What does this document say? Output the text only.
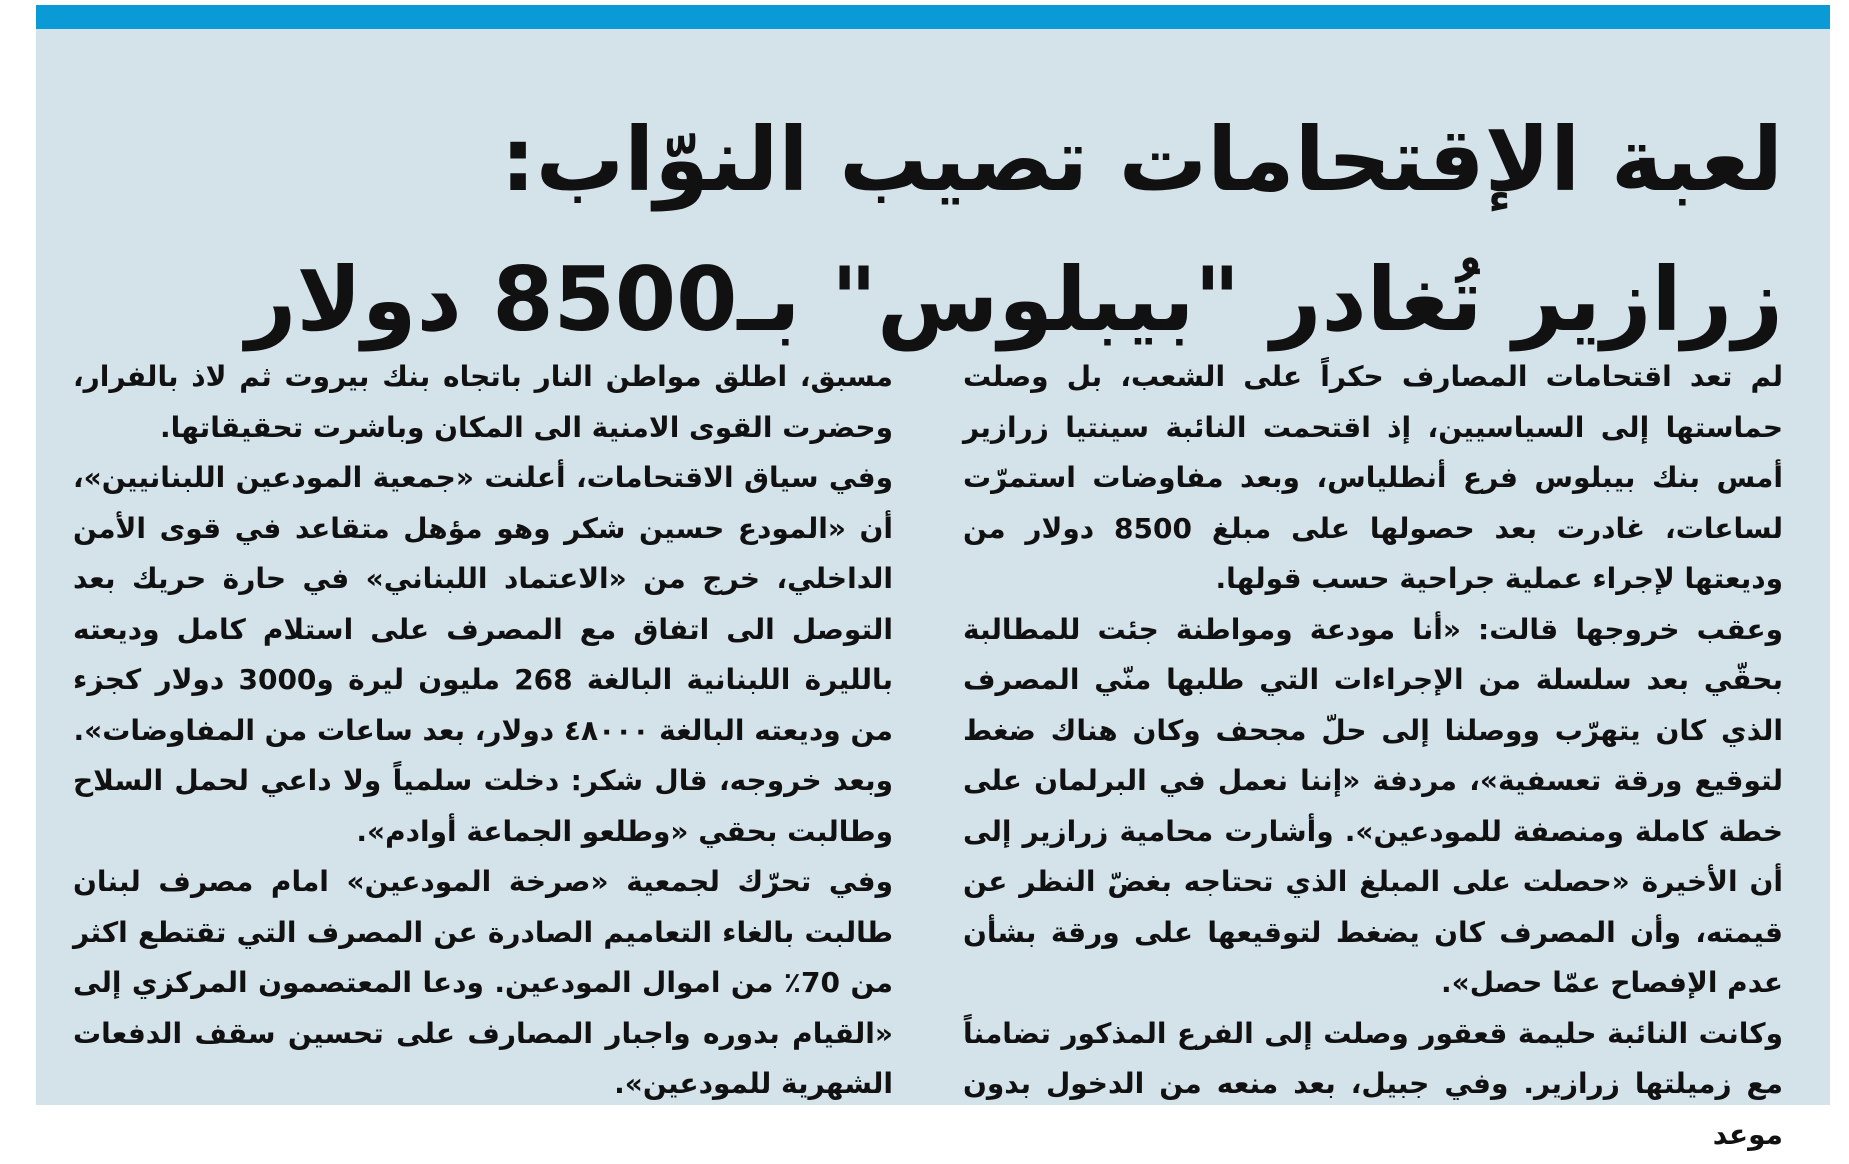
لعبة الإقتحامات تصيب النوّاب:
زرازير تُغادر "بيبلوس" بـ8500 دولار

لم تعد اقتحامات المصارف حكراً على الشعب، بل وصلت حماستها إلى السياسيين، إذ اقتحمت النائبة سينتيا زرازير أمس بنك بيبلوس فرع أنطلياس، وبعد مفاوضات استمرّت لساعات، غادرت بعد حصولها على مبلغ 8500 دولار من وديعتها لإجراء عملية جراحية حسب قولها.

وعقب خروجها قالت: «أنا مودعة ومواطنة جئت للمطالبة بحقّي بعد سلسلة من الإجراءات التي طلبها منّي المصرف الذي كان يتهرّب ووصلنا إلى حلّ مجحف وكان هناك ضغط لتوقيع ورقة تعسفية»، مردفة «إننا نعمل في البرلمان على خطة كاملة ومنصفة للمودعين». وأشارت محامية زرازير إلى أن الأخيرة «حصلت على المبلغ الذي تحتاجه بغضّ النظر عن قيمته، وأن المصرف كان يضغط لتوقيعها على ورقة بشأن عدم الإفصاح عمّا حصل».

وكانت النائبة حليمة قعقور وصلت إلى الفرع المذكور تضامناً مع زميلتها زرازير. وفي جبيل، بعد منعه من الدخول بدون موعد

مسبق، اطلق مواطن النار باتجاه بنك بيروت ثم لاذ بالفرار، وحضرت القوى الامنية الى المكان وباشرت تحقيقاتها.

وفي سياق الاقتحامات، أعلنت «جمعية المودعين اللبنانيين»، أن «المودع حسين شكر وهو مؤهل متقاعد في قوى الأمن الداخلي، خرج من «الاعتماد اللبناني» في حارة حريك بعد التوصل الى اتفاق مع المصرف على استلام كامل وديعته بالليرة اللبنانية البالغة 268 مليون ليرة و3000 دولار كجزء من وديعته البالغة ٤٨٠٠٠ دولار، بعد ساعات من المفاوضات».

وبعد خروجه، قال شكر: دخلت سلمياً ولا داعي لحمل السلاح وطالبت بحقي «وطلعو الجماعة أوادم».

وفي تحرّك لجمعية «صرخة المودعين» امام مصرف لبنان طالبت بالغاء التعاميم الصادرة عن المصرف التي تقتطع اكثر من 70٪ من اموال المودعين. ودعا المعتصمون المركزي إلى «القيام بدوره واجبار المصارف على تحسين سقف الدفعات الشهرية للمودعين».
